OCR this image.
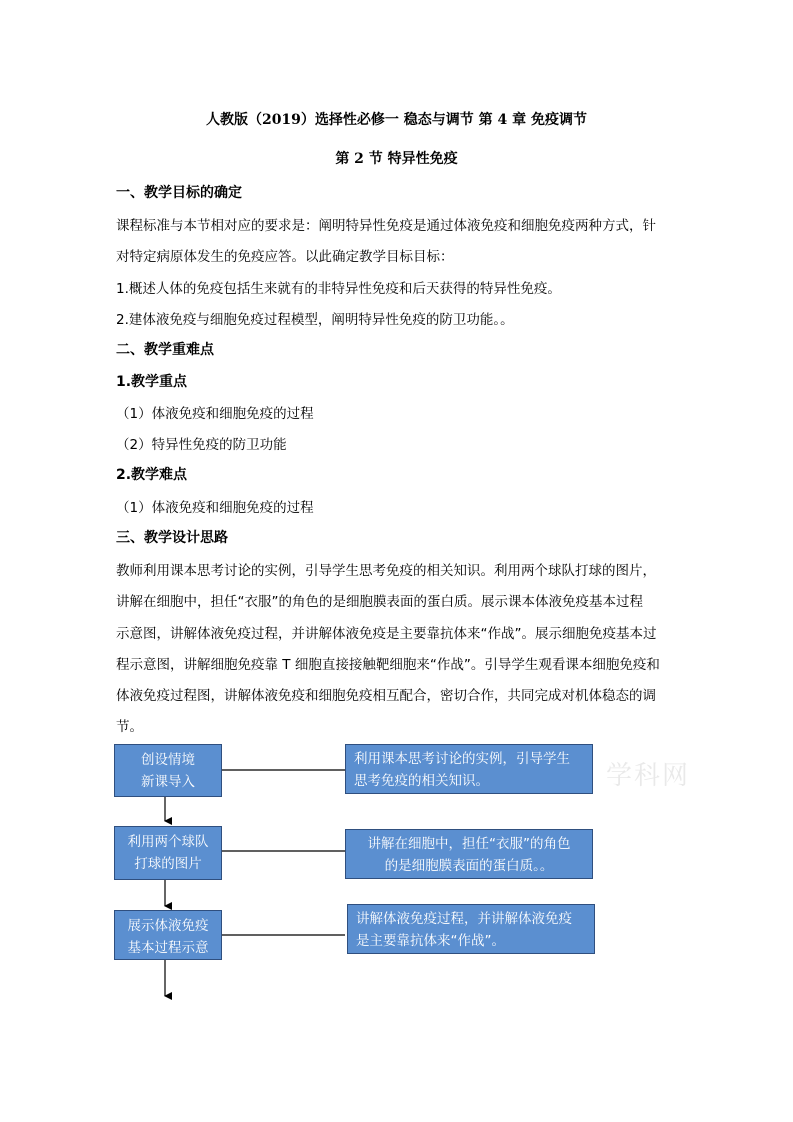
人教版（2019）选择性必修一 稳态与调节 第 4 章 免疫调节
第 2 节 特异性免疫
一、教学目标的确定
课程标准与本节相对应的要求是：阐明特异性免疫是通过体液免疫和细胞免疫两种方式，针
对特定病原体发生的免疫应答。以此确定教学目标目标：
1.概述人体的免疫包括生来就有的非特异性免疫和后天获得的特异性免疫。
2.建体液免疫与细胞免疫过程模型，阐明特异性免疫的防卫功能。。
二、教学重难点
1.教学重点
（1）体液免疫和细胞免疫的过程
（2）特异性免疫的防卫功能
2.教学难点
（1）体液免疫和细胞免疫的过程
三、教学设计思路
教师利用课本思考讨论的实例，引导学生思考免疫的相关知识。利用两个球队打球的图片，
讲解在细胞中，担任“衣服”的角色的是细胞膜表面的蛋白质。展示课本体液免疫基本过程
示意图，讲解体液免疫过程，并讲解体液免疫是主要靠抗体来“作战”。展示细胞免疫基本过
程示意图，讲解细胞免疫靠 T 细胞直接接触靶细胞来“作战”。引导学生观看课本细胞免疫和
体液免疫过程图，讲解体液免疫和细胞免疫相互配合，密切合作，共同完成对机体稳态的调
节。
创设情境
新课导入
利用课本思考讨论的实例，引导学生
思考免疫的相关知识。
利用两个球队
打球的图片
讲解在细胞中，担任“衣服”的角色
的是细胞膜表面的蛋白质。。
展示体液免疫
基本过程示意
讲解体液免疫过程，并讲解体液免疫
是主要靠抗体来“作战”。
学科网
